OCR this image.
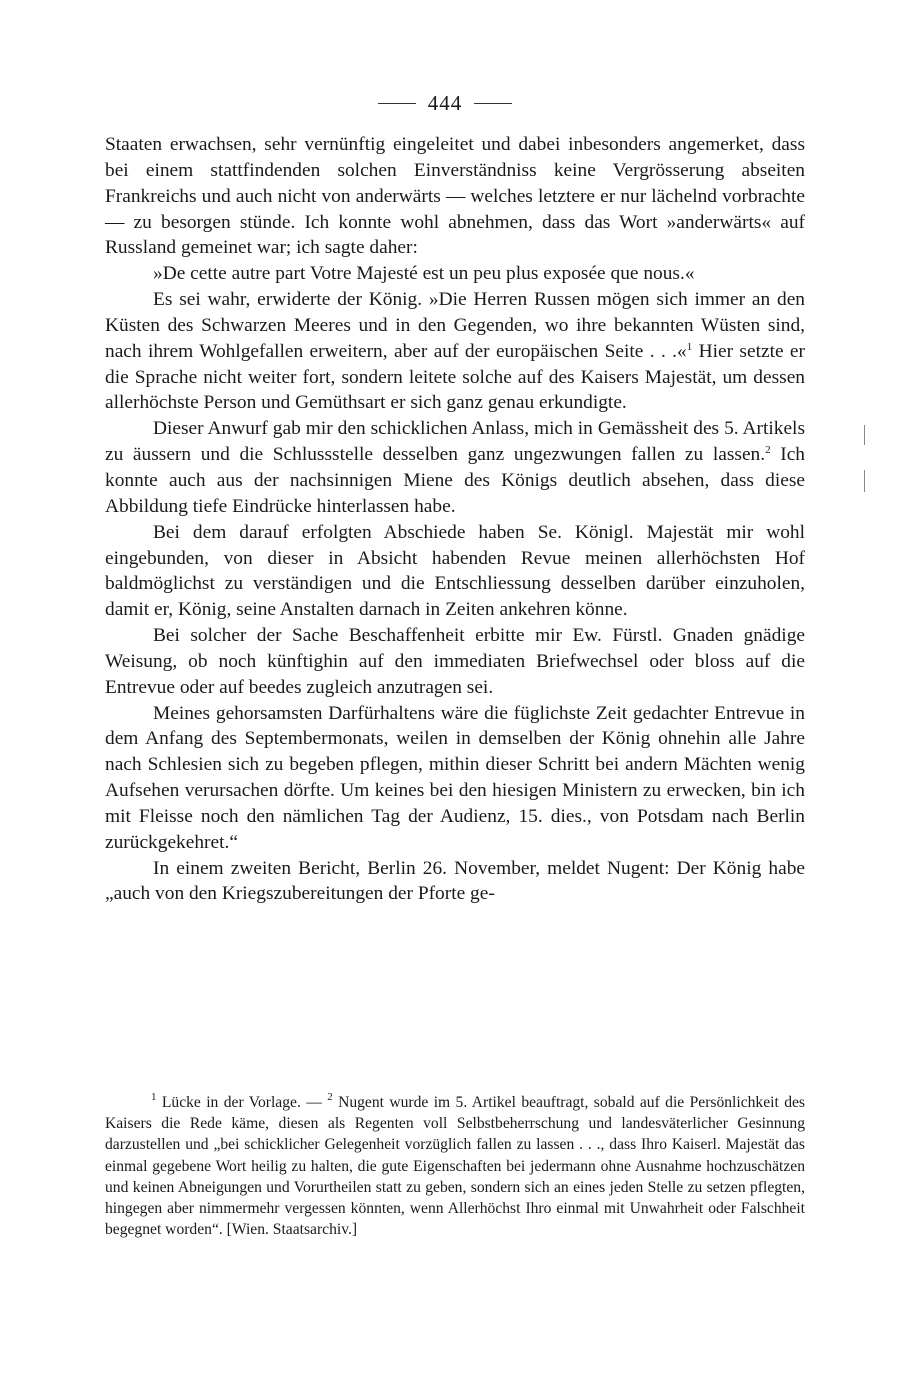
444

Staaten erwachsen, sehr vernünftig eingeleitet und dabei inbesonders angemerket, dass bei einem stattfindenden solchen Einverständniss keine Vergrösserung abseiten Frankreichs und auch nicht von anderwärts — welches letztere er nur lächelnd vorbrachte — zu besorgen stünde. Ich konnte wohl abnehmen, dass das Wort »anderwärts« auf Russland gemeinet war; ich sagte daher:

»De cette autre part Votre Majesté est un peu plus exposée que nous.«

Es sei wahr, erwiderte der König. »Die Herren Russen mögen sich immer an den Küsten des Schwarzen Meeres und in den Gegenden, wo ihre bekannten Wüsten sind, nach ihrem Wohlgefallen erweitern, aber auf der europäischen Seite . . .«$^1$ Hier setzte er die Sprache nicht weiter fort, sondern leitete solche auf des Kaisers Majestät, um dessen allerhöchste Person und Gemüthsart er sich ganz genau erkundigte.

Dieser Anwurf gab mir den schicklichen Anlass, mich in Gemässheit des 5. Artikels zu äussern und die Schlussstelle desselben ganz ungezwungen fallen zu lassen.$^2$ Ich konnte auch aus der nachsinnigen Miene des Königs deutlich absehen, dass diese Abbildung tiefe Eindrücke hinterlassen habe.

Bei dem darauf erfolgten Abschiede haben Se. Königl. Majestät mir wohl eingebunden, von dieser in Absicht habenden Revue meinen allerhöchsten Hof baldmöglichst zu verständigen und die Entschliessung desselben darüber einzuholen, damit er, König, seine Anstalten darnach in Zeiten ankehren könne.

Bei solcher der Sache Beschaffenheit erbitte mir Ew. Fürstl. Gnaden gnädige Weisung, ob noch künftighin auf den immediaten Briefwechsel oder bloss auf die Entrevue oder auf beedes zugleich anzutragen sei.

Meines gehorsamsten Darfürhaltens wäre die füglichste Zeit gedachter Entrevue in dem Anfang des Septembermonats, weilen in demselben der König ohnehin alle Jahre nach Schlesien sich zu begeben pflegen, mithin dieser Schritt bei andern Mächten wenig Aufsehen verursachen dörfte. Um keines bei den hiesigen Ministern zu erwecken, bin ich mit Fleisse noch den nämlichen Tag der Audienz, 15. dies., von Potsdam nach Berlin zurückgekehret.“

In einem zweiten Bericht, Berlin 26. November, meldet Nugent: Der König habe „auch von den Kriegszubereitungen der Pforte ge-

$^1$ Lücke in der Vorlage. — $^2$ Nugent wurde im 5. Artikel beauftragt, sobald auf die Persönlichkeit des Kaisers die Rede käme, diesen als Regenten voll Selbstbeherrschung und landesväterlicher Gesinnung darzustellen und „bei schicklicher Gelegenheit vorzüglich fallen zu lassen . . ., dass Ihro Kaiserl. Majestät das einmal gegebene Wort heilig zu halten, die gute Eigenschaften bei jedermann ohne Ausnahme hochzuschätzen und keinen Abneigungen und Vorurtheilen statt zu geben, sondern sich an eines jeden Stelle zu setzen pflegten, hingegen aber nimmermehr vergessen könnten, wenn Allerhöchst Ihro einmal mit Unwahrheit oder Falschheit begegnet worden“. [Wien. Staatsarchiv.]
